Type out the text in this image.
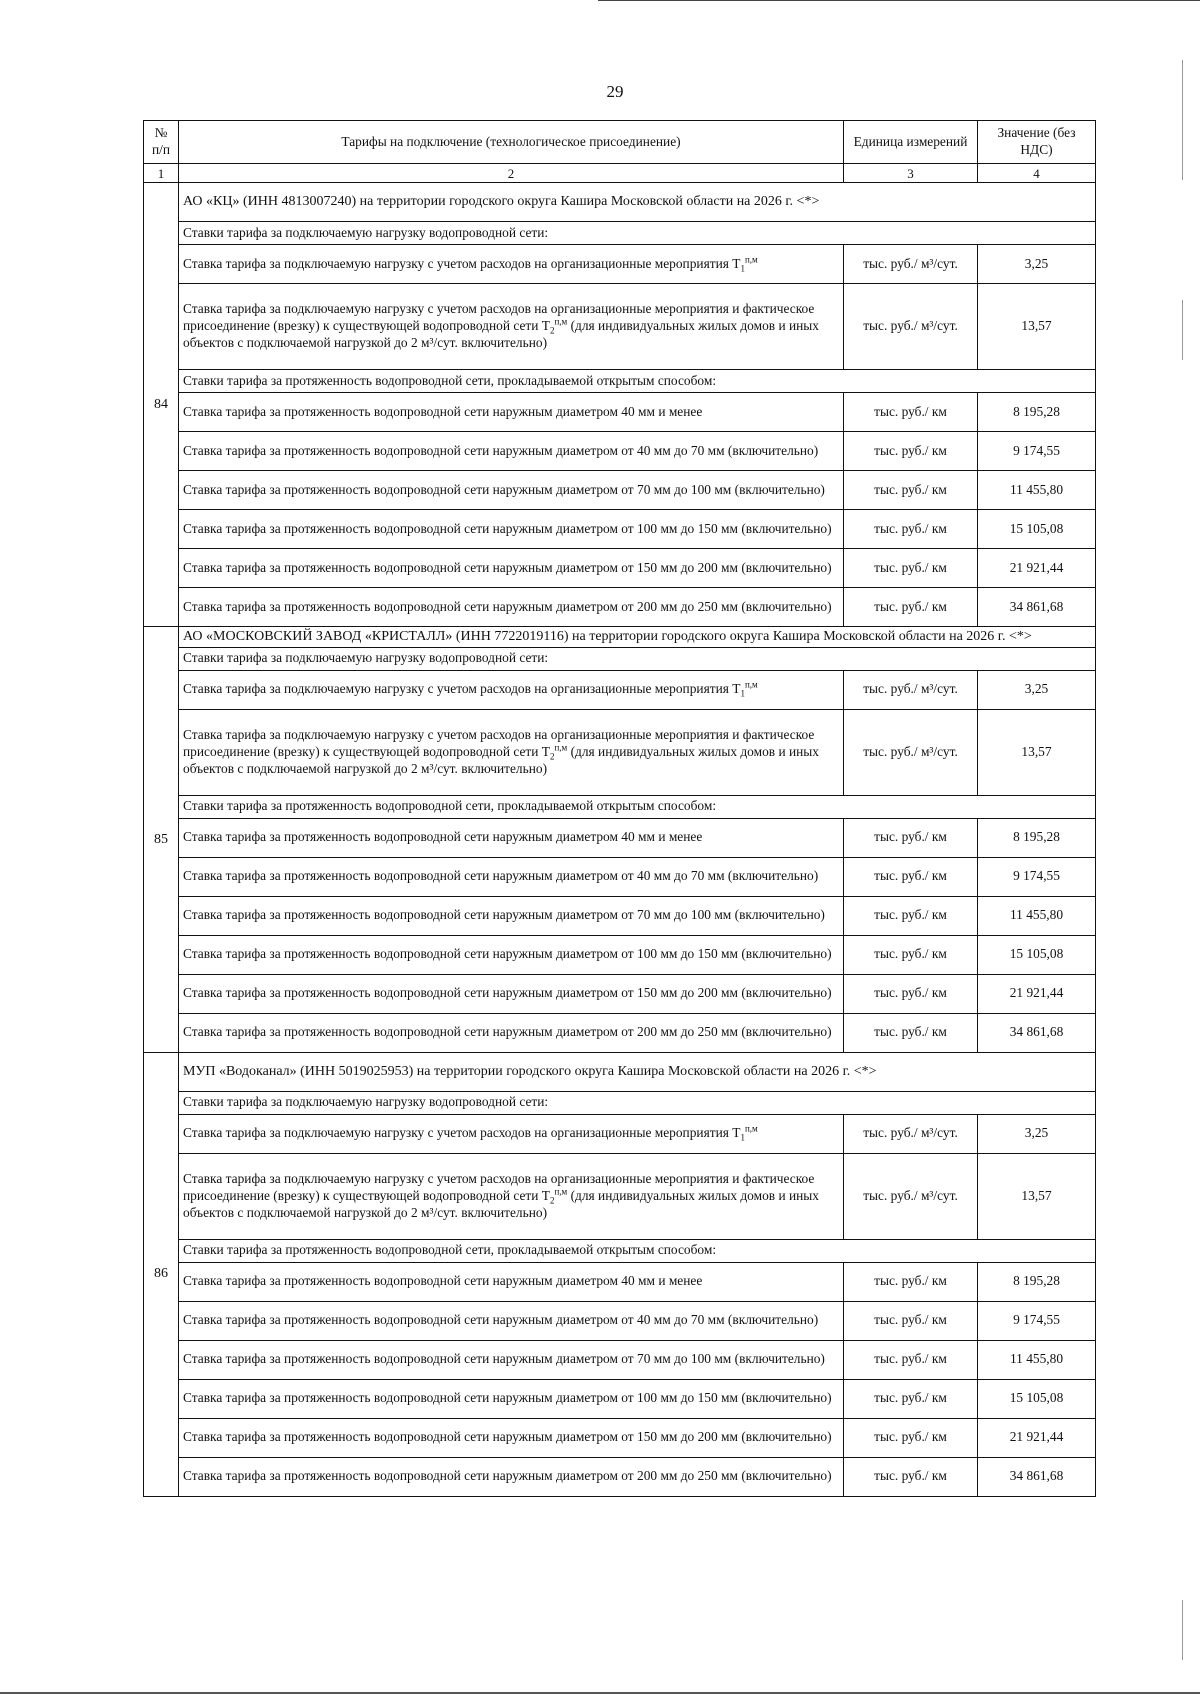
29
№ п/п	Тарифы на подключение (технологическое присоединение)	Единица измерений	Значение (без НДС)
1	2	3	4
84	АО «КЦ» (ИНН 4813007240) на территории городского округа Кашира Московской области на 2026 г. <*>		
	Ставки тарифа за подключаемую нагрузку водопроводной сети:		
	Ставка тарифа за подключаемую нагрузку с учетом расходов на организационные мероприятия $T_1^{п,м}$	тыс. руб./ м³/сут.	3,25
	Ставка тарифа за подключаемую нагрузку с учетом расходов на организационные мероприятия и фактическое присоединение (врезку) к существующей водопроводной сети $T_2^{п,м}$ (для индивидуальных жилых домов и иных объектов с подключаемой нагрузкой до 2 м³/сут. включительно)	тыс. руб./ м³/сут.	13,57
	Ставки тарифа за протяженность водопроводной сети, прокладываемой открытым способом:		
	Ставка тарифа за протяженность водопроводной сети наружным диаметром 40 мм и менее	тыс. руб./ км	8 195,28
	Ставка тарифа за протяженность водопроводной сети наружным диаметром от 40 мм до 70 мм (включительно)	тыс. руб./ км	9 174,55
	Ставка тарифа за протяженность водопроводной сети наружным диаметром от 70 мм до 100 мм (включительно)	тыс. руб./ км	11 455,80
	Ставка тарифа за протяженность водопроводной сети наружным диаметром от 100 мм до 150 мм (включительно)	тыс. руб./ км	15 105,08
	Ставка тарифа за протяженность водопроводной сети наружным диаметром от 150 мм до 200 мм (включительно)	тыс. руб./ км	21 921,44
	Ставка тарифа за протяженность водопроводной сети наружным диаметром от 200 мм до 250 мм (включительно)	тыс. руб./ км	34 861,68
85	АО «МОСКОВСКИЙ ЗАВОД «КРИСТАЛЛ» (ИНН 7722019116) на территории городского округа Кашира Московской области на 2026 г. <*>		
	Ставки тарифа за подключаемую нагрузку водопроводной сети:		
	Ставка тарифа за подключаемую нагрузку с учетом расходов на организационные мероприятия $T_1^{п,м}$	тыс. руб./ м³/сут.	3,25
	Ставка тарифа за подключаемую нагрузку с учетом расходов на организационные мероприятия и фактическое присоединение (врезку) к существующей водопроводной сети $T_2^{п,м}$ (для индивидуальных жилых домов и иных объектов с подключаемой нагрузкой до 2 м³/сут. включительно)	тыс. руб./ м³/сут.	13,57
	Ставки тарифа за протяженность водопроводной сети, прокладываемой открытым способом:		
	Ставка тарифа за протяженность водопроводной сети наружным диаметром 40 мм и менее	тыс. руб./ км	8 195,28
	Ставка тарифа за протяженность водопроводной сети наружным диаметром от 40 мм до 70 мм (включительно)	тыс. руб./ км	9 174,55
	Ставка тарифа за протяженность водопроводной сети наружным диаметром от 70 мм до 100 мм (включительно)	тыс. руб./ км	11 455,80
	Ставка тарифа за протяженность водопроводной сети наружным диаметром от 100 мм до 150 мм (включительно)	тыс. руб./ км	15 105,08
	Ставка тарифа за протяженность водопроводной сети наружным диаметром от 150 мм до 200 мм (включительно)	тыс. руб./ км	21 921,44
	Ставка тарифа за протяженность водопроводной сети наружным диаметром от 200 мм до 250 мм (включительно)	тыс. руб./ км	34 861,68
86	МУП «Водоканал» (ИНН 5019025953) на территории городского округа Кашира Московской области на 2026 г. <*>		
	Ставки тарифа за подключаемую нагрузку водопроводной сети:		
	Ставка тарифа за подключаемую нагрузку с учетом расходов на организационные мероприятия $T_1^{п,м}$	тыс. руб./ м³/сут.	3,25
	Ставка тарифа за подключаемую нагрузку с учетом расходов на организационные мероприятия и фактическое присоединение (врезку) к существующей водопроводной сети $T_2^{п,м}$ (для индивидуальных жилых домов и иных объектов с подключаемой нагрузкой до 2 м³/сут. включительно)	тыс. руб./ м³/сут.	13,57
	Ставки тарифа за протяженность водопроводной сети, прокладываемой открытым способом:		
	Ставка тарифа за протяженность водопроводной сети наружным диаметром 40 мм и менее	тыс. руб./ км	8 195,28
	Ставка тарифа за протяженность водопроводной сети наружным диаметром от 40 мм до 70 мм (включительно)	тыс. руб./ км	9 174,55
	Ставка тарифа за протяженность водопроводной сети наружным диаметром от 70 мм до 100 мм (включительно)	тыс. руб./ км	11 455,80
	Ставка тарифа за протяженность водопроводной сети наружным диаметром от 100 мм до 150 мм (включительно)	тыс. руб./ км	15 105,08
	Ставка тарифа за протяженность водопроводной сети наружным диаметром от 150 мм до 200 мм (включительно)	тыс. руб./ км	21 921,44
	Ставка тарифа за протяженность водопроводной сети наружным диаметром от 200 мм до 250 мм (включительно)	тыс. руб./ км	34 861,68
